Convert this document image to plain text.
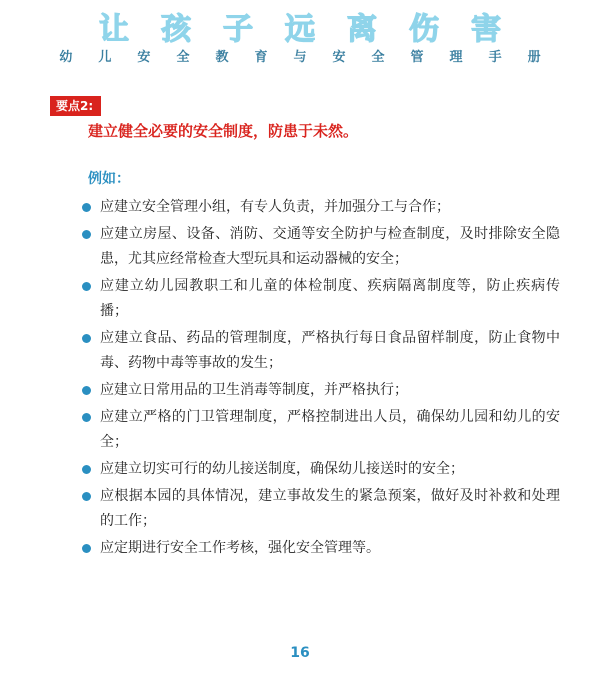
让 孩 子 远 离 伤 害
幼 儿 安 全 教 育 与 安 全 管 理 手 册
要点2:
建立健全必要的安全制度，防患于未然。
例如：
应建立安全管理小组，有专人负责，并加强分工与合作；
应建立房屋、设备、消防、交通等安全防护与检查制度，及时排除安全隐患，尤其应经常检查大型玩具和运动器械的安全；
应建立幼儿园教职工和儿童的体检制度、疾病隔离制度等，防止疾病传播；
应建立食品、药品的管理制度，严格执行每日食品留样制度，防止食物中毒、药物中毒等事故的发生；
应建立日常用品的卫生消毒等制度，并严格执行；
应建立严格的门卫管理制度，严格控制进出人员，确保幼儿园和幼儿的安全；
应建立切实可行的幼儿接送制度，确保幼儿接送时的安全；
应根据本园的具体情况，建立事故发生的紧急预案，做好及时补救和处理的工作；
应定期进行安全工作考核，强化安全管理等。
16
